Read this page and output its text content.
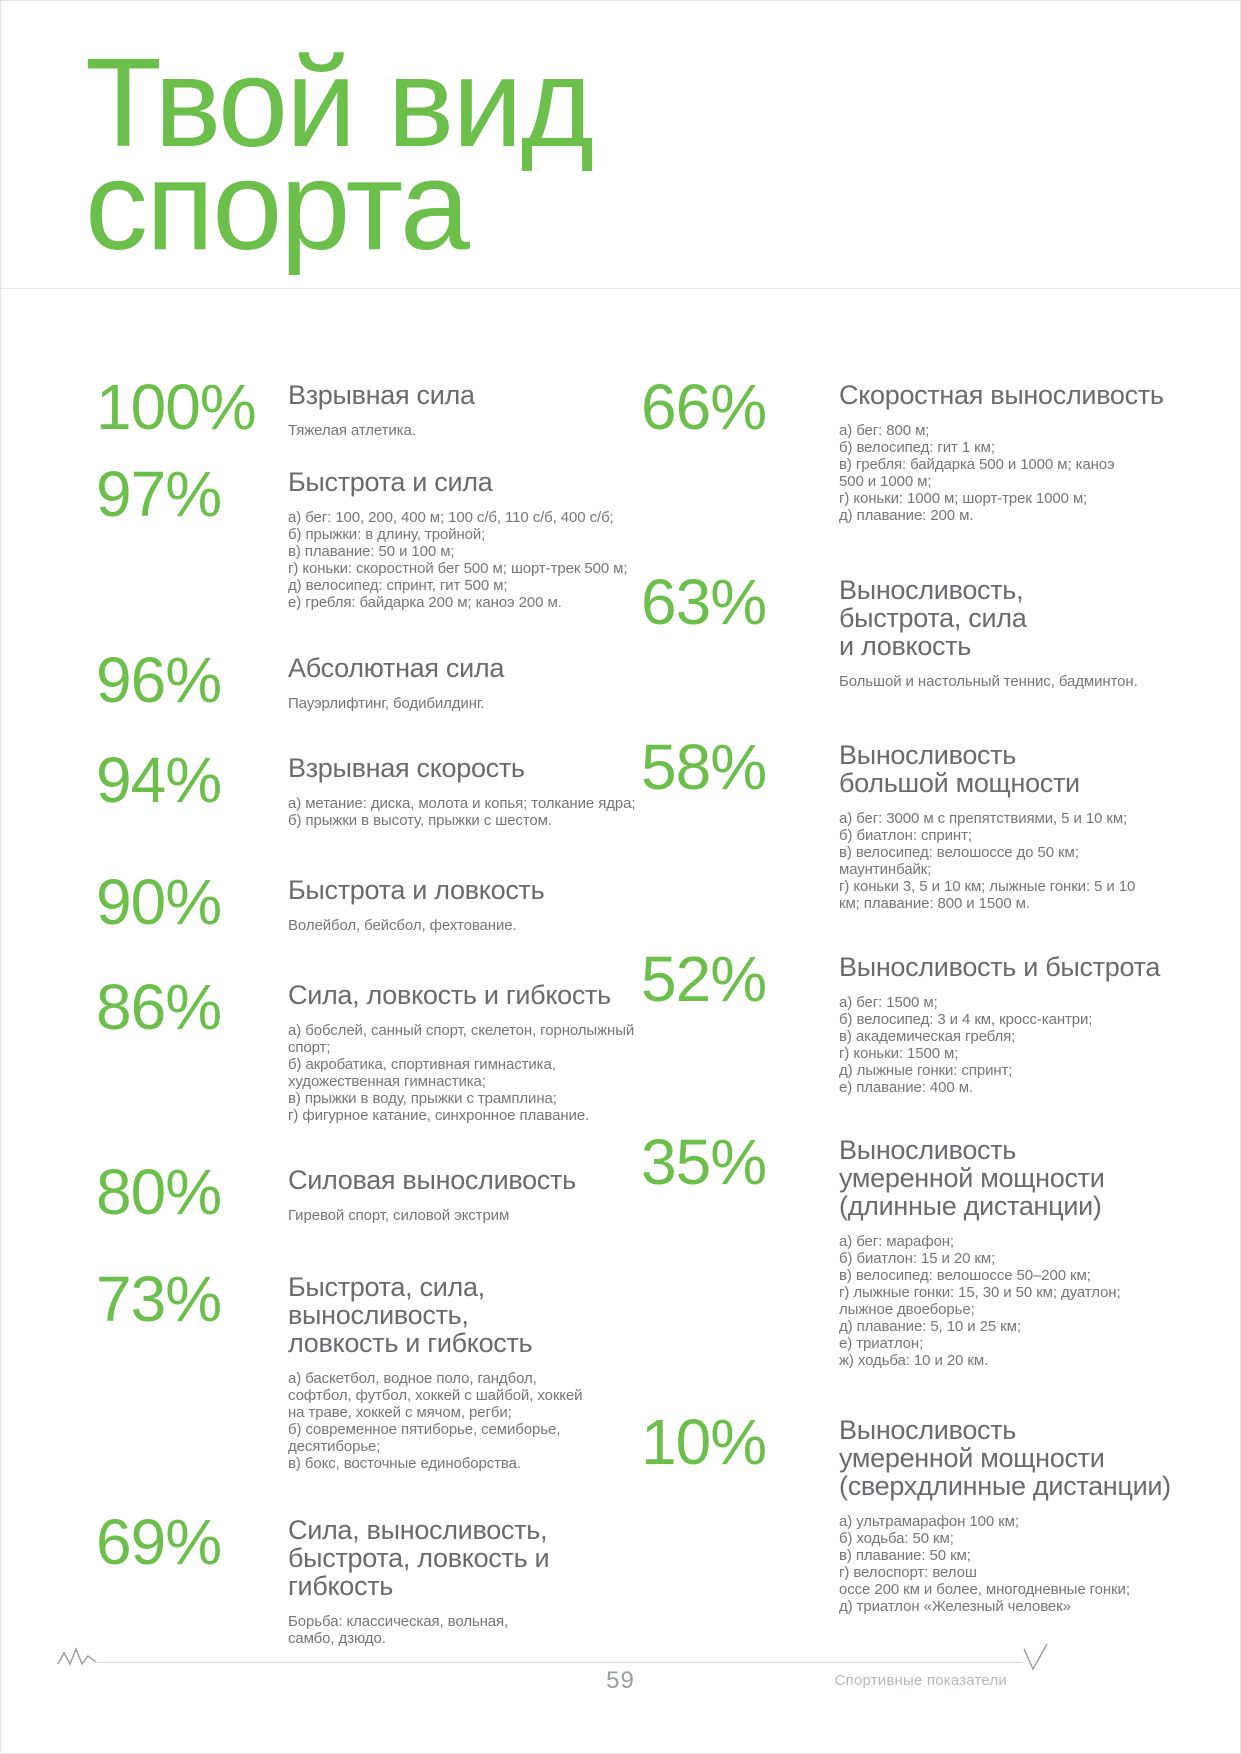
Твой вид
спорта
100%	Взрывная сила
Тяжелая атлетика.
97%	Быстрота и сила
а) бег: 100, 200, 400 м; 100 с/б, 110 с/б, 400 с/б;
б) прыжки: в длину, тройной;
в) плавание: 50 и 100 м;
г) коньки: скоростной бег 500 м; шорт-трек 500 м;
д) велосипед: спринт, гит 500 м;
е) гребля: байдарка 200 м; каноэ 200 м.
96%	Абсолютная сила
Пауэрлифтинг, бодибилдинг.
94%	Взрывная скорость
а) метание: диска, молота и копья; толкание ядра;
б) прыжки в высоту, прыжки с шестом.
90%	Быстрота и ловкость
Волейбол, бейсбол, фехтование.
86%	Сила, ловкость и гибкость
а) бобслей, санный спорт, скелетон, горнолыжный
спорт;
б) акробатика, спортивная гимнастика,
художественная гимнастика;
в) прыжки в воду, прыжки с трамплина;
г) фигурное катание, синхронное плавание.
80%	Силовая выносливость
Гиревой спорт, силовой экстрим
73%	Быстрота, сила,
выносливость,
ловкость и гибкость
а) баскетбол, водное поло, гандбол,
софтбол, футбол, хоккей с шайбой, хоккей
на траве, хоккей с мячом, регби;
б) современное пятиборье, семиборье,
десятиборье;
в) бокс, восточные единоборства.
69%	Сила, выносливость,
быстрота, ловкость и
гибкость
Борьба: классическая, вольная,
самбо, дзюдо.
66%	Скоростная выносливость
а) бег: 800 м;
б) велосипед: гит 1 км;
в) гребля: байдарка 500 и 1000 м; каноэ
500 и 1000 м;
г) коньки: 1000 м; шорт-трек 1000 м;
д) плавание: 200 м.
63%	Выносливость,
быстрота, сила
и ловкость
Большой и настольный теннис, бадминтон.
58%	Выносливость
большой мощности
а) бег: 3000 м с препятствиями, 5 и 10 км;
б) биатлон: спринт;
в) велосипед: велошоссе до 50 км;
маунтинбайк;
г) коньки 3, 5 и 10 км; лыжные гонки: 5 и 10
км; плавание: 800 и 1500 м.
52%	Выносливость и быстрота
а) бег: 1500 м;
б) велосипед: 3 и 4 км, кросс-кантри;
в) академическая гребля;
г) коньки: 1500 м;
д) лыжные гонки: спринт;
е) плавание: 400 м.
35%	Выносливость
умеренной мощности
(длинные дистанции)
а) бег: марафон;
б) биатлон: 15 и 20 км;
в) велосипед: велошоссе 50–200 км;
г) лыжные гонки: 15, 30 и 50 км; дуатлон;
лыжное двоеборье;
д) плавание: 5, 10 и 25 км;
е) триатлон;
ж) ходьба: 10 и 20 км.
10%	Выносливость
умеренной мощности
(сверхдлинные дистанции)
а) ультрамарафон 100 км;
б) ходьба: 50 км;
в) плавание: 50 км;
г) велоспорт: велош
оссе 200 км и более, многодневные гонки;
д) триатлон «Железный человек»
59	Спортивные показатели
